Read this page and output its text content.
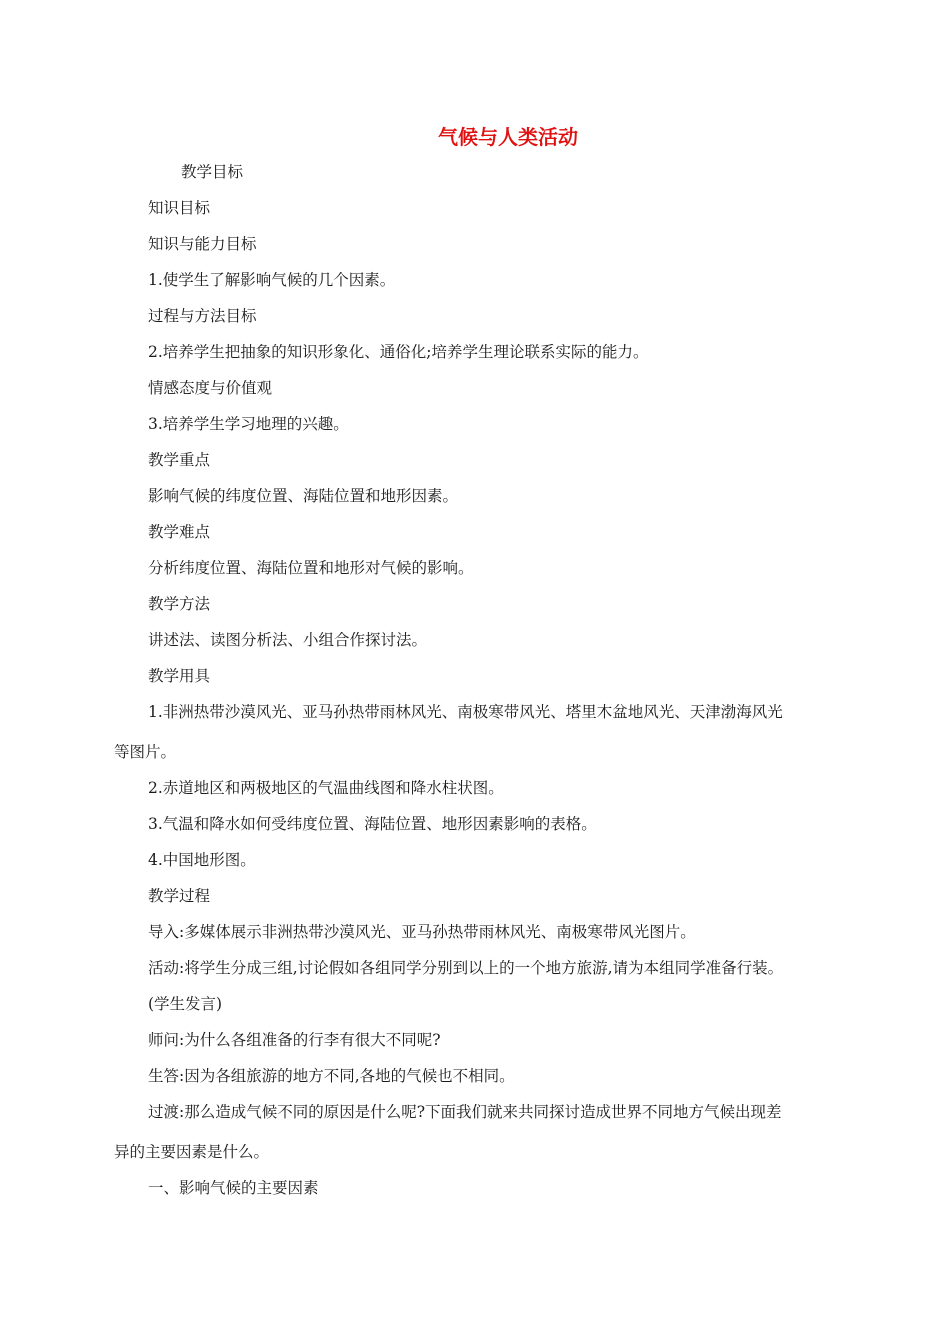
气候与人类活动
教学目标
知识目标
知识与能力目标
1.使学生了解影响气候的几个因素。
过程与方法目标
2.培养学生把抽象的知识形象化、通俗化;培养学生理论联系实际的能力。
情感态度与价值观
3.培养学生学习地理的兴趣。
教学重点
影响气候的纬度位置、海陆位置和地形因素。
教学难点
分析纬度位置、海陆位置和地形对气候的影响。
教学方法
讲述法、读图分析法、小组合作探讨法。
教学用具
1.非洲热带沙漠风光、亚马孙热带雨林风光、南极寒带风光、塔里木盆地风光、天津渤海风光
等图片。
2.赤道地区和两极地区的气温曲线图和降水柱状图。
3.气温和降水如何受纬度位置、海陆位置、地形因素影响的表格。
4.中国地形图。
教学过程
导入:多媒体展示非洲热带沙漠风光、亚马孙热带雨林风光、南极寒带风光图片。
活动:将学生分成三组,讨论假如各组同学分别到以上的一个地方旅游,请为本组同学准备行装。
(学生发言)
师问:为什么各组准备的行李有很大不同呢?
生答:因为各组旅游的地方不同,各地的气候也不相同。
过渡:那么造成气候不同的原因是什么呢?下面我们就来共同探讨造成世界不同地方气候出现差
异的主要因素是什么。
一、影响气候的主要因素
